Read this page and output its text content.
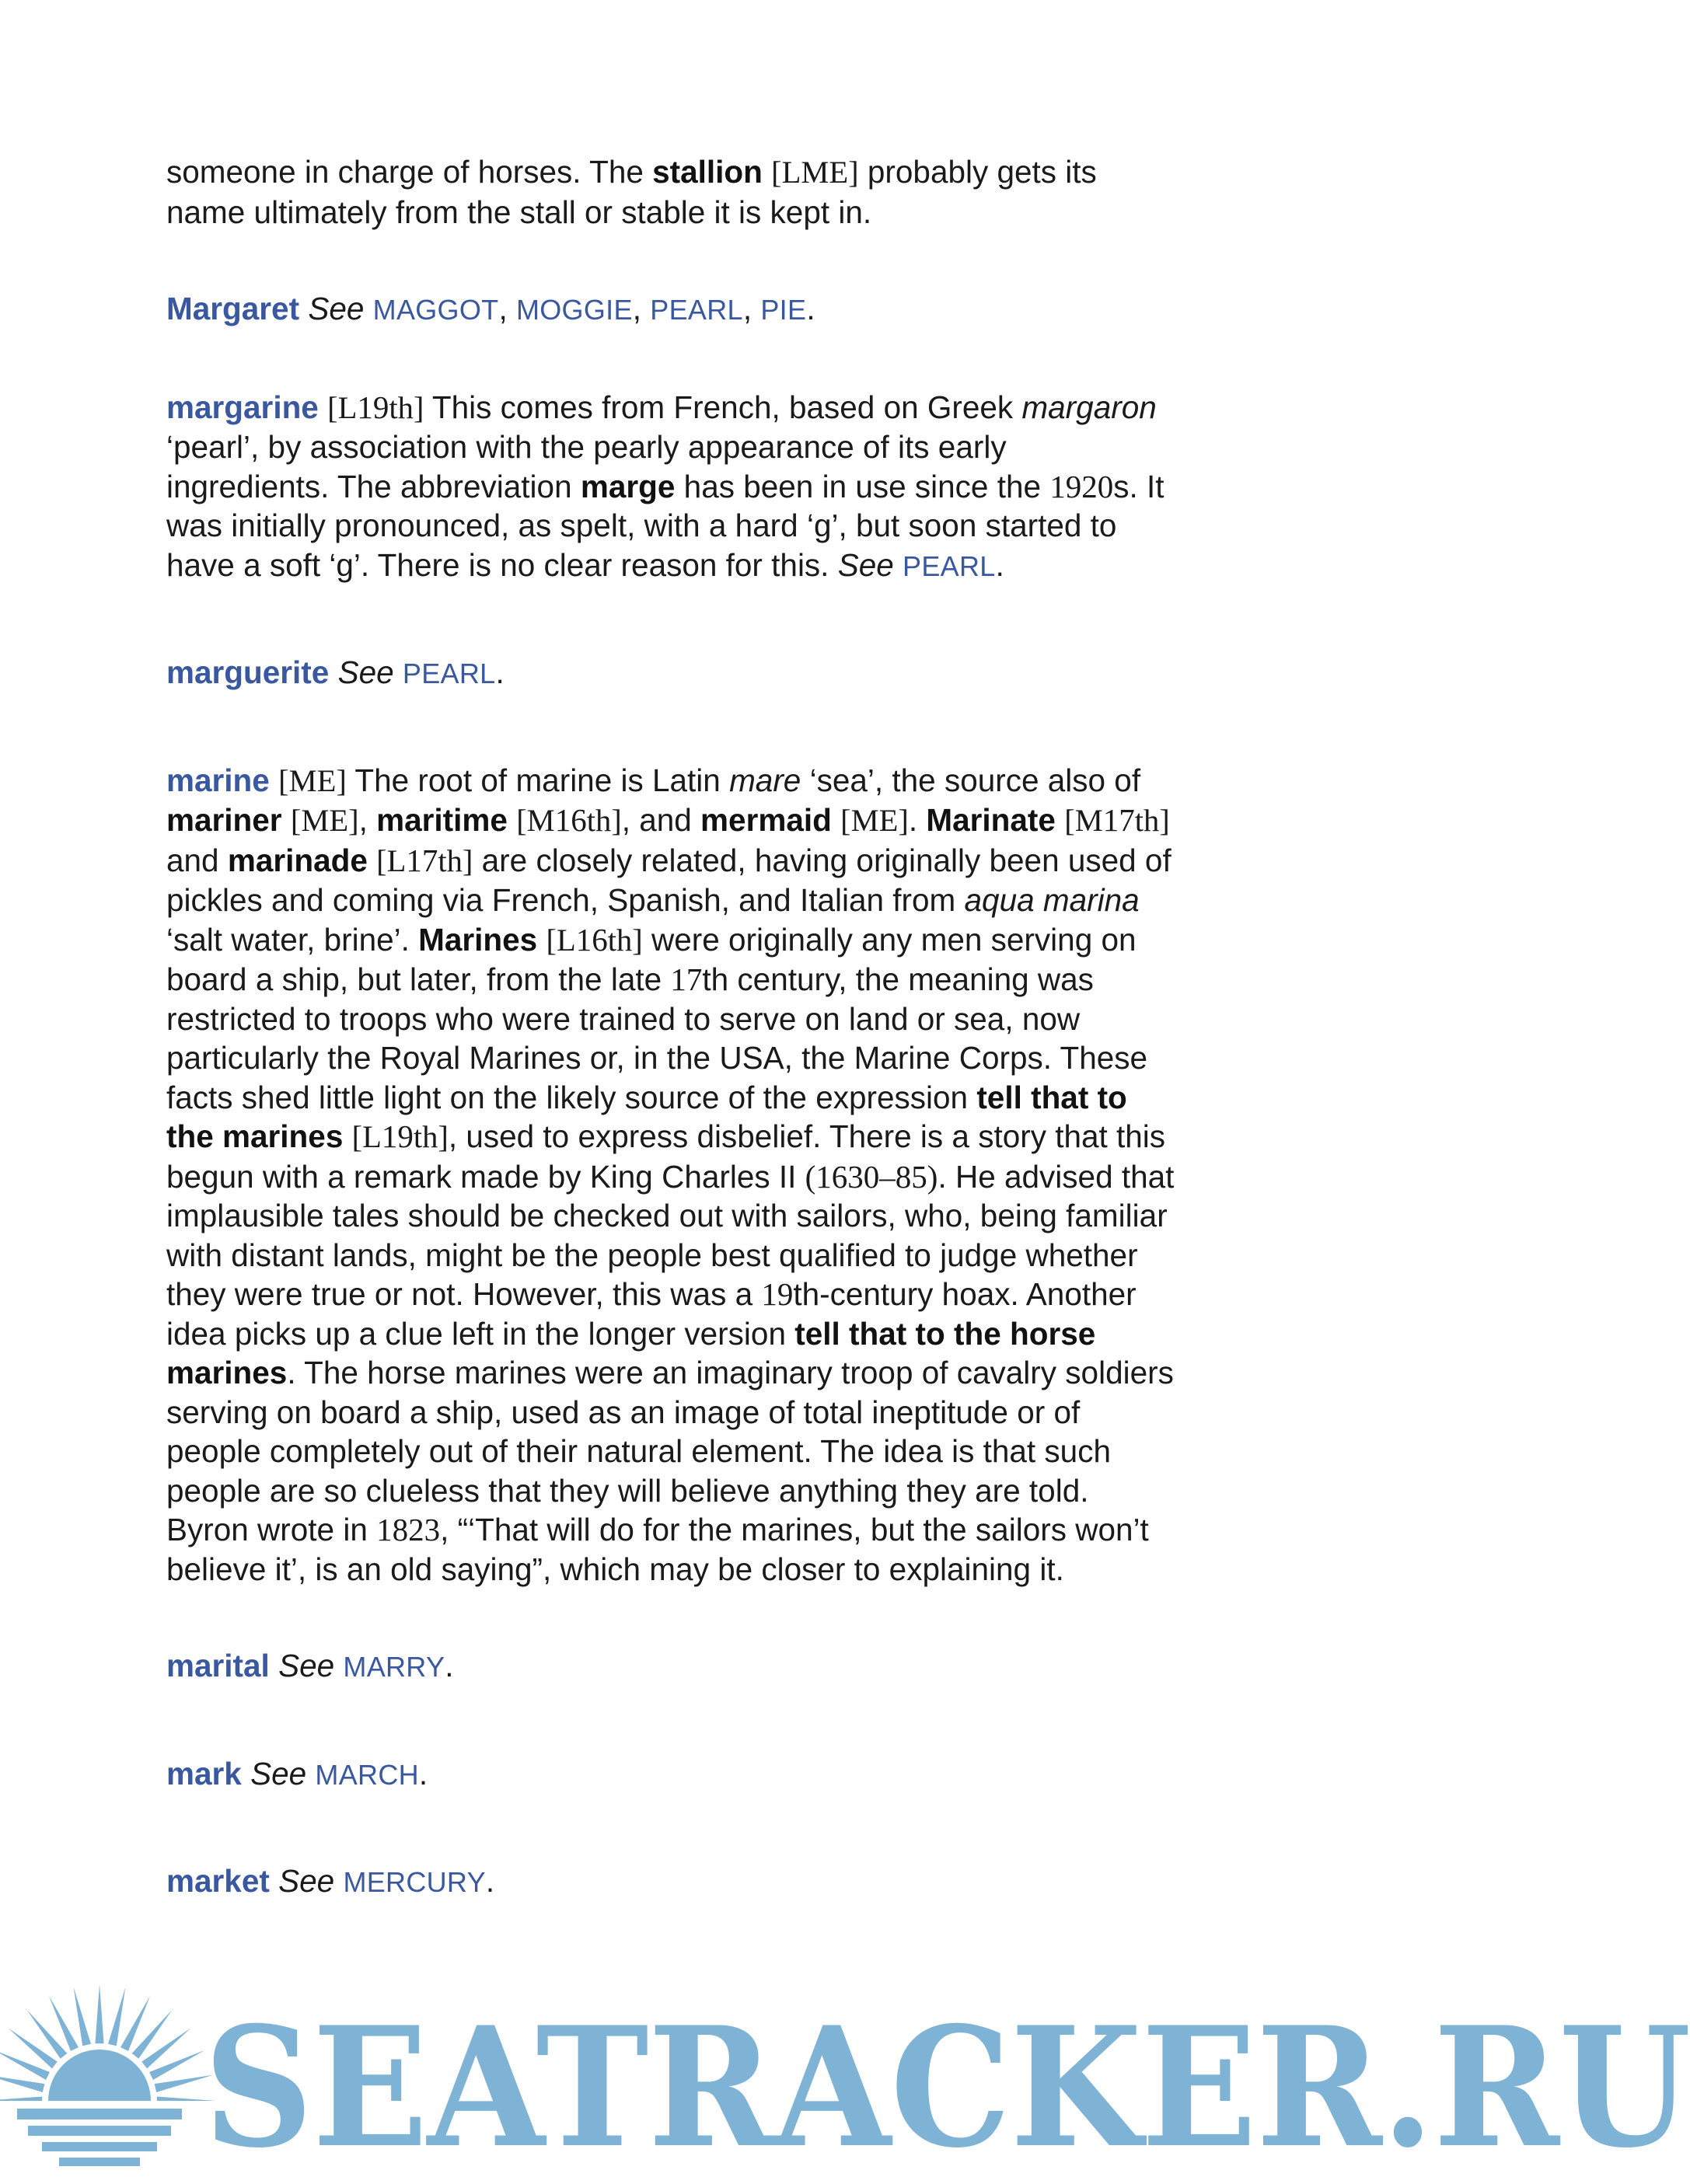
someone in charge of horses. The stallion [LME] probably gets its name ultimately from the stall or stable it is kept in.

Margaret See MAGGOT, MOGGIE, PEARL, PIE.

margarine [L19th] This comes from French, based on Greek margaron ‘pearl’, by association with the pearly appearance of its early ingredients. The abbreviation marge has been in use since the 1920s. It was initially pronounced, as spelt, with a hard ‘g’, but soon started to have a soft ‘g’. There is no clear reason for this. See PEARL.

marguerite See PEARL.

marine [ME] The root of marine is Latin mare ‘sea’, the source also of mariner [ME], maritime [M16th], and mermaid [ME]. Marinate [M17th] and marinade [L17th] are closely related, having originally been used of pickles and coming via French, Spanish, and Italian from aqua marina ‘salt water, brine’. Marines [L16th] were originally any men serving on board a ship, but later, from the late 17th century, the meaning was restricted to troops who were trained to serve on land or sea, now particularly the Royal Marines or, in the USA, the Marine Corps. These facts shed little light on the likely source of the expression tell that to the marines [L19th], used to express disbelief. There is a story that this begun with a remark made by King Charles II (1630–85). He advised that implausible tales should be checked out with sailors, who, being familiar with distant lands, might be the people best qualified to judge whether they were true or not. However, this was a 19th-century hoax. Another idea picks up a clue left in the longer version tell that to the horse marines. The horse marines were an imaginary troop of cavalry soldiers serving on board a ship, used as an image of total ineptitude or of people completely out of their natural element. The idea is that such people are so clueless that they will believe anything they are told. Byron wrote in 1823, “‘That will do for the marines, but the sailors won’t believe it’, is an old saying”, which may be closer to explaining it.

marital See MARRY.

mark See MARCH.

market See MERCURY.

SEATRACKER.RU
